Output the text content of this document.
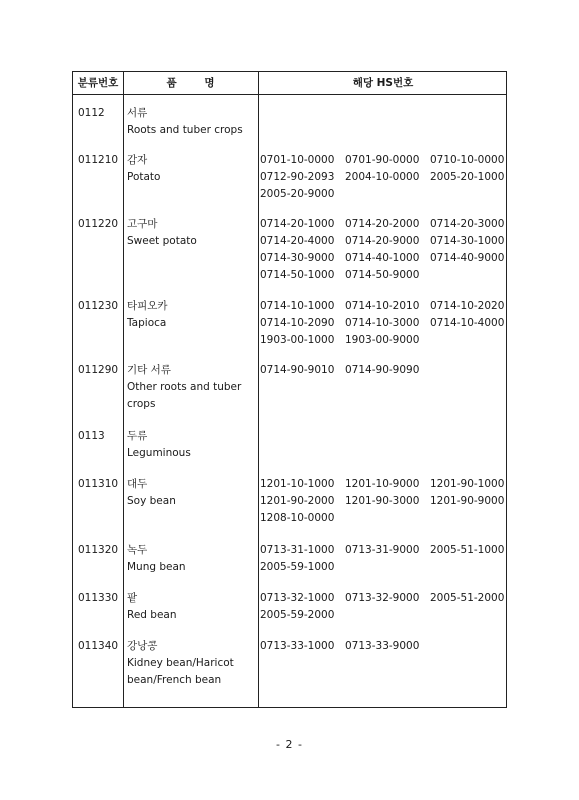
분류번호	품 명	해당 HS번호
0112 서류
Roots and tuber crops
011210 감자
Potato
0701-10-0000 0701-90-0000 0710-10-0000
0712-90-2093 2004-10-0000 2005-20-1000
2005-20-9000
011220 고구마
Sweet potato
0714-20-1000 0714-20-2000 0714-20-3000
0714-20-4000 0714-20-9000 0714-30-1000
0714-30-9000 0714-40-1000 0714-40-9000
0714-50-1000 0714-50-9000
011230 타피오카
Tapioca
0714-10-1000 0714-10-2010 0714-10-2020
0714-10-2090 0714-10-3000 0714-10-4000
1903-00-1000 1903-00-9000
011290 기타 서류
Other roots and tuber
crops
0714-90-9010 0714-90-9090
0113 두류
Leguminous
011310 대두
Soy bean
1201-10-1000 1201-10-9000 1201-90-1000
1201-90-2000 1201-90-3000 1201-90-9000
1208-10-0000
011320 녹두
Mung bean
0713-31-1000 0713-31-9000 2005-51-1000
2005-59-1000
011330 팥
Red bean
0713-32-1000 0713-32-9000 2005-51-2000
2005-59-2000
011340 강낭콩
Kidney bean/Haricot
bean/French bean
0713-33-1000 0713-33-9000
- 2 -
